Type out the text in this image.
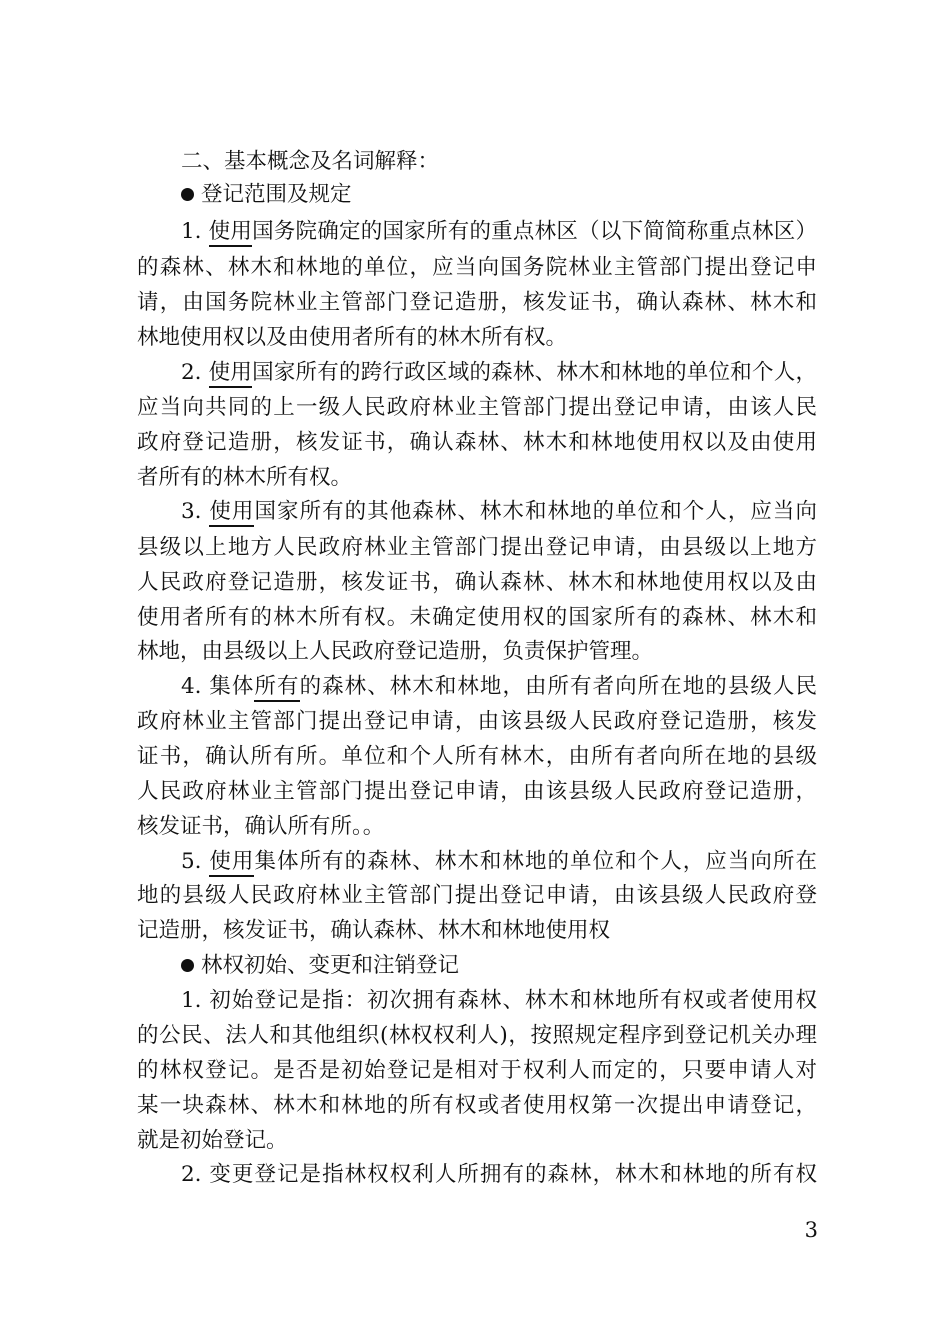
二、基本概念及名词解释：
登记范围及规定
1. 使用国务院确定的国家所有的重点林区（以下简简称重点林区）
的森林、林木和林地的单位，应当向国务院林业主管部门提出登记申
请，由国务院林业主管部门登记造册，核发证书，确认森林、林木和
林地使用权以及由使用者所有的林木所有权。
2. 使用国家所有的跨行政区域的森林、林木和林地的单位和个人，
应当向共同的上一级人民政府林业主管部门提出登记申请，由该人民
政府登记造册，核发证书，确认森林、林木和林地使用权以及由使用
者所有的林木所有权。
3. 使用国家所有的其他森林、林木和林地的单位和个人，应当向
县级以上地方人民政府林业主管部门提出登记申请，由县级以上地方
人民政府登记造册，核发证书，确认森林、林木和林地使用权以及由
使用者所有的林木所有权。未确定使用权的国家所有的森林、林木和
林地，由县级以上人民政府登记造册，负责保护管理。
4. 集体所有的森林、林木和林地，由所有者向所在地的县级人民
政府林业主管部门提出登记申请，由该县级人民政府登记造册，核发
证书，确认所有所。单位和个人所有林木，由所有者向所在地的县级
人民政府林业主管部门提出登记申请，由该县级人民政府登记造册，
核发证书，确认所有所。。
5. 使用集体所有的森林、林木和林地的单位和个人，应当向所在
地的县级人民政府林业主管部门提出登记申请，由该县级人民政府登
记造册，核发证书，确认森林、林木和林地使用权
林权初始、变更和注销登记
1. 初始登记是指：初次拥有森林、林木和林地所有权或者使用权
的公民、法人和其他组织(林权权利人)，按照规定程序到登记机关办理
的林权登记。是否是初始登记是相对于权利人而定的，只要申请人对
某一块森林、林木和林地的所有权或者使用权第一次提出申请登记，
就是初始登记。
2. 变更登记是指林权权利人所拥有的森林，林木和林地的所有权
3
